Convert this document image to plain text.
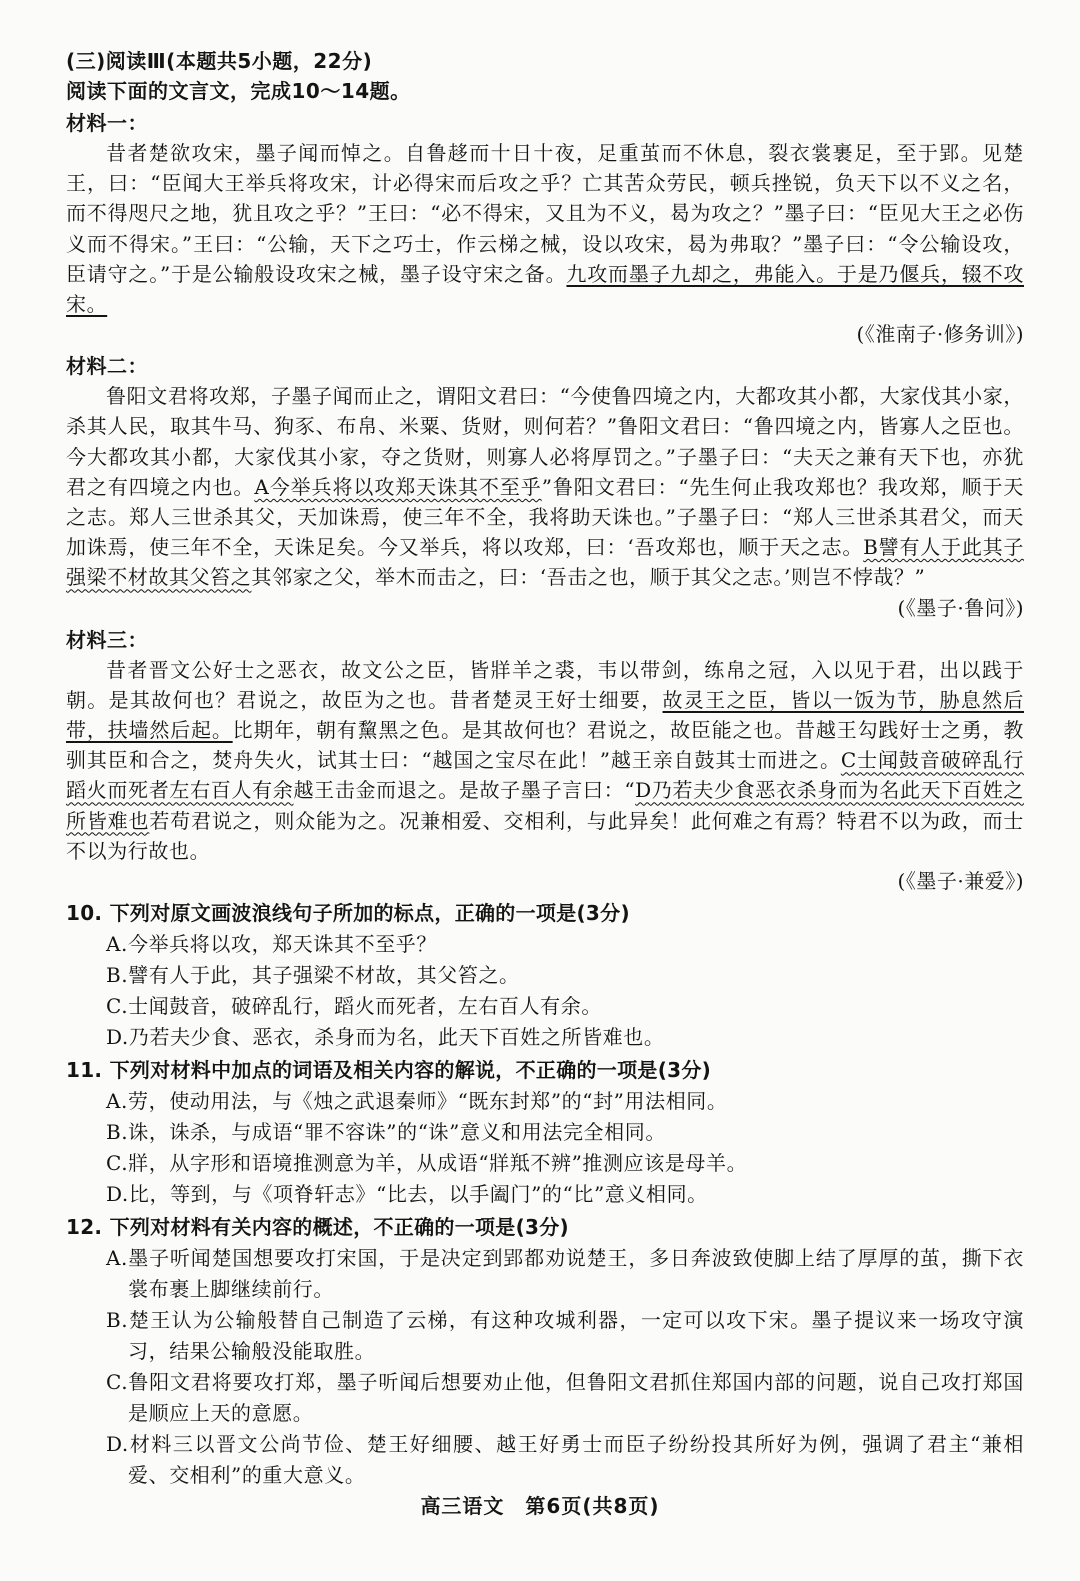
(三)阅读Ⅲ(本题共5小题，22分)
阅读下面的文言文，完成10～14题。
材料一：

昔者楚欲攻宋，墨子闻而悼之。自鲁趍而十日十夜，足重茧而不休息，裂衣裳裹足，至于郢。见楚王，曰：“臣闻大王举兵将攻宋，计必得宋而后攻之乎？亡其苦众劳民，顿兵挫锐，负天下以不义之名，而不得咫尺之地，犹且攻之乎？”王曰：“必不得宋，又且为不义，曷为攻之？”墨子曰：“臣见大王之必伤义而不得宋。”王曰：“公输，天下之巧士，作云梯之械，设以攻宋，曷为弗取？”墨子曰：“令公输设攻，臣请守之。”于是公输般设攻宋之械，墨子设守宋之备。九攻而墨子九却之，弗能入。于是乃偃兵，辍不攻宋。

(《淮南子·修务训》)

材料二：

鲁阳文君将攻郑，子墨子闻而止之，谓阳文君曰：“今使鲁四境之内，大都攻其小都，大家伐其小家，杀其人民，取其牛马、狗豕、布帛、米粟、货财，则何若？”鲁阳文君曰：“鲁四境之内，皆寡人之臣也。今大都攻其小都，大家伐其小家，夺之货财，则寡人必将厚罚之。”子墨子曰：“夫天之兼有天下也，亦犹君之有四境之内也。A今举兵将以攻郑天诛其不至乎”鲁阳文君曰：“先生何止我攻郑也？我攻郑，顺于天之志。郑人三世杀其父，天加诛焉，使三年不全，我将助天诛也。”子墨子曰：“郑人三世杀其君父，而天加诛焉，使三年不全，天诛足矣。今又举兵，将以攻郑，曰：‘吾攻郑也，顺于天之志。B譬有人于此其子强梁不材故其父笞之其邻家之父，举木而击之，曰：‘吾击之也，顺于其父之志。’则岂不悖哉？”

(《墨子·鲁问》)

材料三：

昔者晋文公好士之恶衣，故文公之臣，皆牂羊之裘，韦以带剑，练帛之冠，入以见于君，出以践于朝。是其故何也？君说之，故臣为之也。昔者楚灵王好士细要，故灵王之臣，皆以一饭为节，胁息然后带，扶墙然后起。比期年，朝有黧黑之色。是其故何也？君说之，故臣能之也。昔越王勾践好士之勇，教驯其臣和合之，焚舟失火，试其士曰：“越国之宝尽在此！”越王亲自鼓其士而进之。C士闻鼓音破碎乱行蹈火而死者左右百人有余越王击金而退之。是故子墨子言曰：“D乃若夫少食恶衣杀身而为名此天下百姓之所皆难也若苟君说之，则众能为之。况兼相爱、交相利，与此异矣！此何难之有焉？特君不以为政，而士不以为行故也。

(《墨子·兼爱》)

10. 下列对原文画波浪线句子所加的标点，正确的一项是(3分)

A.今举兵将以攻，郑天诛其不至乎？

B.譬有人于此，其子强梁不材故，其父笞之。

C.士闻鼓音，破碎乱行，蹈火而死者，左右百人有余。

D.乃若夫少食、恶衣，杀身而为名，此天下百姓之所皆难也。

11. 下列对材料中加点的词语及相关内容的解说，不正确的一项是(3分)

A.劳，使动用法，与《烛之武退秦师》“既东封郑”的“封”用法相同。

B.诛，诛杀，与成语“罪不容诛”的“诛”意义和用法完全相同。

C.牂，从字形和语境推测意为羊，从成语“牂羝不辨”推测应该是母羊。

D.比，等到，与《项脊轩志》“比去，以手阖门”的“比”意义相同。

12. 下列对材料有关内容的概述，不正确的一项是(3分)

A.墨子听闻楚国想要攻打宋国，于是决定到郢都劝说楚王，多日奔波致使脚上结了厚厚的茧，撕下衣裳布裹上脚继续前行。

B.楚王认为公输般替自己制造了云梯，有这种攻城利器，一定可以攻下宋。墨子提议来一场攻守演习，结果公输般没能取胜。

C.鲁阳文君将要攻打郑，墨子听闻后想要劝止他，但鲁阳文君抓住郑国内部的问题，说自己攻打郑国是顺应上天的意愿。

D.材料三以晋文公尚节俭、楚王好细腰、越王好勇士而臣子纷纷投其所好为例，强调了君主“兼相爱、交相利”的重大意义。

高三语文　第6页(共8页)
